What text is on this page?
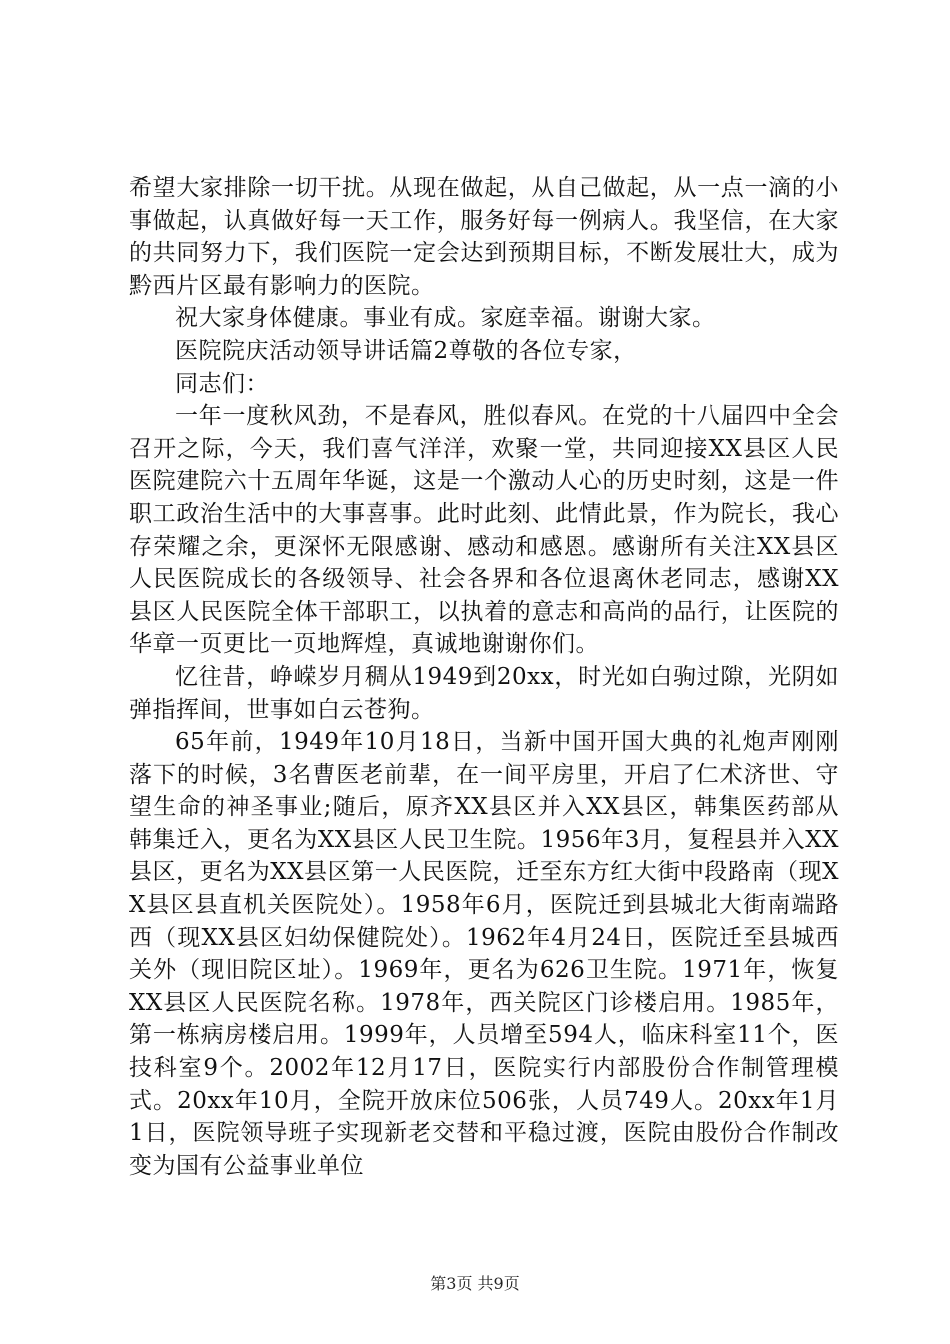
希望大家排除一切干扰。从现在做起，从自己做起，从一点一滴的小事做起，认真做好每一天工作，服务好每一例病人。我坚信，在大家的共同努力下，我们医院一定会达到预期目标，不断发展壮大，成为黔西片区最有影响力的医院。

祝大家身体健康。事业有成。家庭幸福。谢谢大家。

医院院庆活动领导讲话篇2尊敬的各位专家，

同志们：

一年一度秋风劲，不是春风，胜似春风。在党的十八届四中全会召开之际，今天，我们喜气洋洋，欢聚一堂，共同迎接XX县区人民医院建院六十五周年华诞，这是一个激动人心的历史时刻，这是一件职工政治生活中的大事喜事。此时此刻、此情此景，作为院长，我心存荣耀之余，更深怀无限感谢、感动和感恩。感谢所有关注XX县区人民医院成长的各级领导、社会各界和各位退离休老同志，感谢XX县区人民医院全体干部职工，以执着的意志和高尚的品行，让医院的华章一页更比一页地辉煌，真诚地谢谢你们。

忆往昔，峥嵘岁月稠从1949到20xx，时光如白驹过隙，光阴如弹指挥间，世事如白云苍狗。

65年前，1949年10月18日，当新中国开国大典的礼炮声刚刚落下的时候，3名曹医老前辈，在一间平房里，开启了仁术济世、守望生命的神圣事业;随后，原齐XX县区并入XX县区，韩集医药部从韩集迁入，更名为XX县区人民卫生院。1956年3月，复程县并入XX县区，更名为XX县区第一人民医院，迁至东方红大街中段路南（现XX县区县直机关医院处）。1958年6月，医院迁到县城北大街南端路西（现XX县区妇幼保健院处）。1962年4月24日，医院迁至县城西关外（现旧院区址）。1969年，更名为626卫生院。1971年，恢复XX县区人民医院名称。1978年，西关院区门诊楼启用。1985年，第一栋病房楼启用。1999年，人员增至594人，临床科室11个，医技科室9个。2002年12月17日，医院实行内部股份合作制管理模式。20xx年10月，全院开放床位506张，人员749人。20xx年1月1日，医院领导班子实现新老交替和平稳过渡，医院由股份合作制改变为国有公益事业单位

第3页 共9页
